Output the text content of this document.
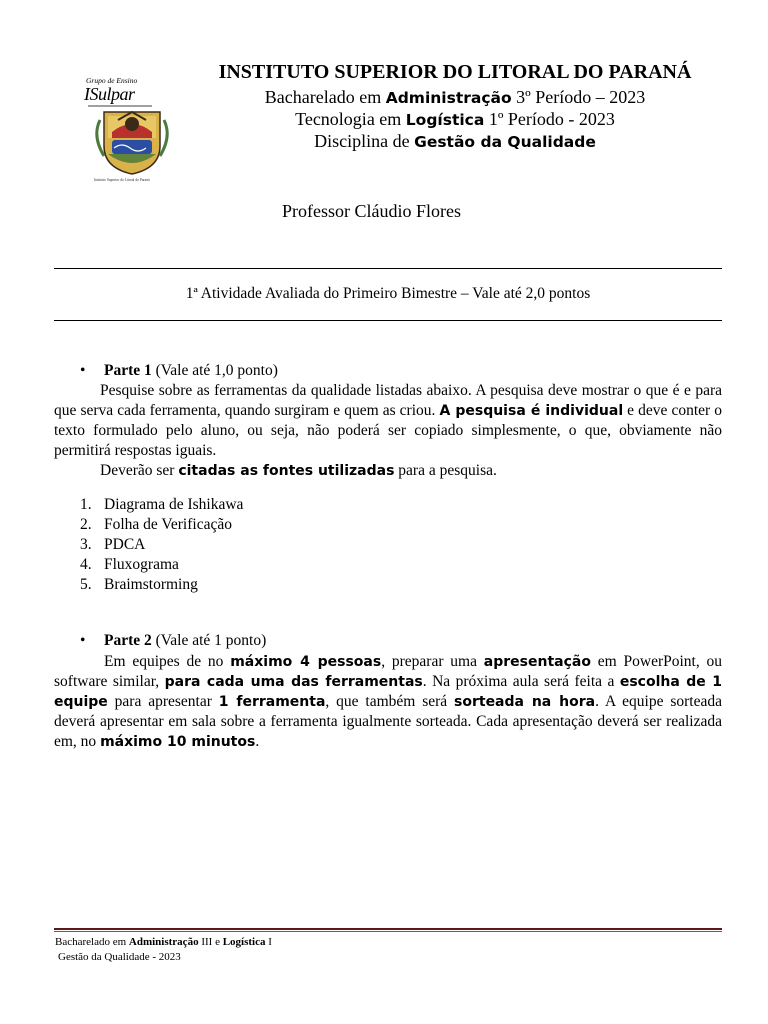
Grupo de Ensino
ISulpar
Instituto Superior do Litoral do Paraná
INSTITUTO SUPERIOR DO LITORAL DO PARANÁ
Bacharelado em Administração 3º Período – 2023
Tecnologia em Logística 1º Período - 2023
Disciplina de Gestão da Qualidade
Professor Cláudio Flores
1ª Atividade Avaliada do Primeiro Bimestre – Vale até 2,0 pontos
• Parte 1 (Vale até 1,0 ponto)
Pesquise sobre as ferramentas da qualidade listadas abaixo. A pesquisa deve mostrar o que é e para que serva cada ferramenta, quando surgiram e quem as criou. A pesquisa é individual e deve conter o texto formulado pelo aluno, ou seja, não poderá ser copiado simplesmente, o que, obviamente não permitirá respostas iguais.
Deverão ser citadas as fontes utilizadas para a pesquisa.
1. Diagrama de Ishikawa
2. Folha de Verificação
3. PDCA
4. Fluxograma
5. Braimstorming
• Parte 2 (Vale até 1 ponto)
Em equipes de no máximo 4 pessoas, preparar uma apresentação em PowerPoint, ou software similar, para cada uma das ferramentas. Na próxima aula será feita a escolha de 1 equipe para apresentar 1 ferramenta, que também será sorteada na hora. A equipe sorteada deverá apresentar em sala sobre a ferramenta igualmente sorteada. Cada apresentação deverá ser realizada em, no máximo 10 minutos.
Bacharelado em Administração III e Logística I
Gestão da Qualidade - 2023
